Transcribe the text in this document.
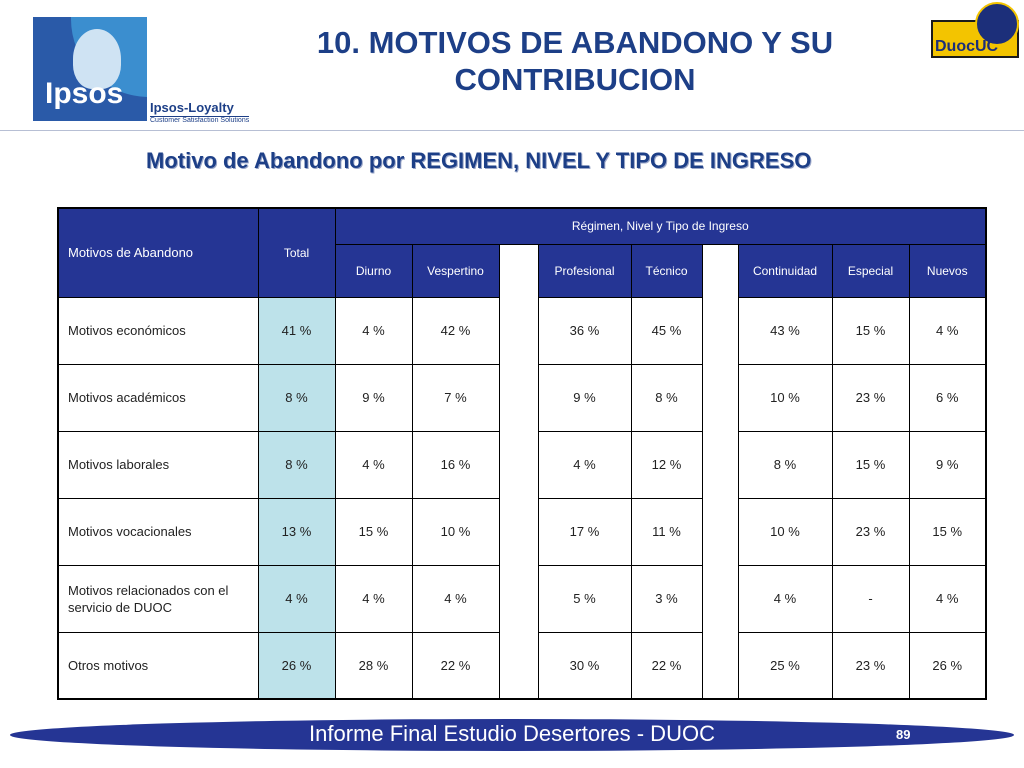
Ipsos Ipsos-Loyalty
Customer Satisfaction Solutions
DuocUC
10. MOTIVOS DE ABANDONO Y SU
CONTRIBUCION
Motivo de Abandono por REGIMEN, NIVEL Y TIPO DE INGRESO
Motivos de Abandono	Total	Régimen, Nivel y Tipo de Ingreso								
		Diurno	Vespertino		Profesional	Técnico		Continuidad	Especial	Nuevos
Motivos económicos	41 %	4 %	42 %		36 %	45 %		43 %	15 %	4 %
Motivos académicos	8 %	9 %	7 %		9 %	8 %		10 %	23 %	6 %
Motivos laborales	8 %	4 %	16 %		4 %	12 %		8 %	15 %	9 %
Motivos vocacionales	13 %	15 %	10 %		17 %	11 %		10 %	23 %	15 %
Motivos relacionados con el servicio de DUOC	4 %	4 %	4 %		5 %	3 %		4 %	-	4 %
Otros motivos	26 %	28 %	22 %		30 %	22 %		25 %	23 %	26 %
Informe Final Estudio Desertores - DUOC	89
